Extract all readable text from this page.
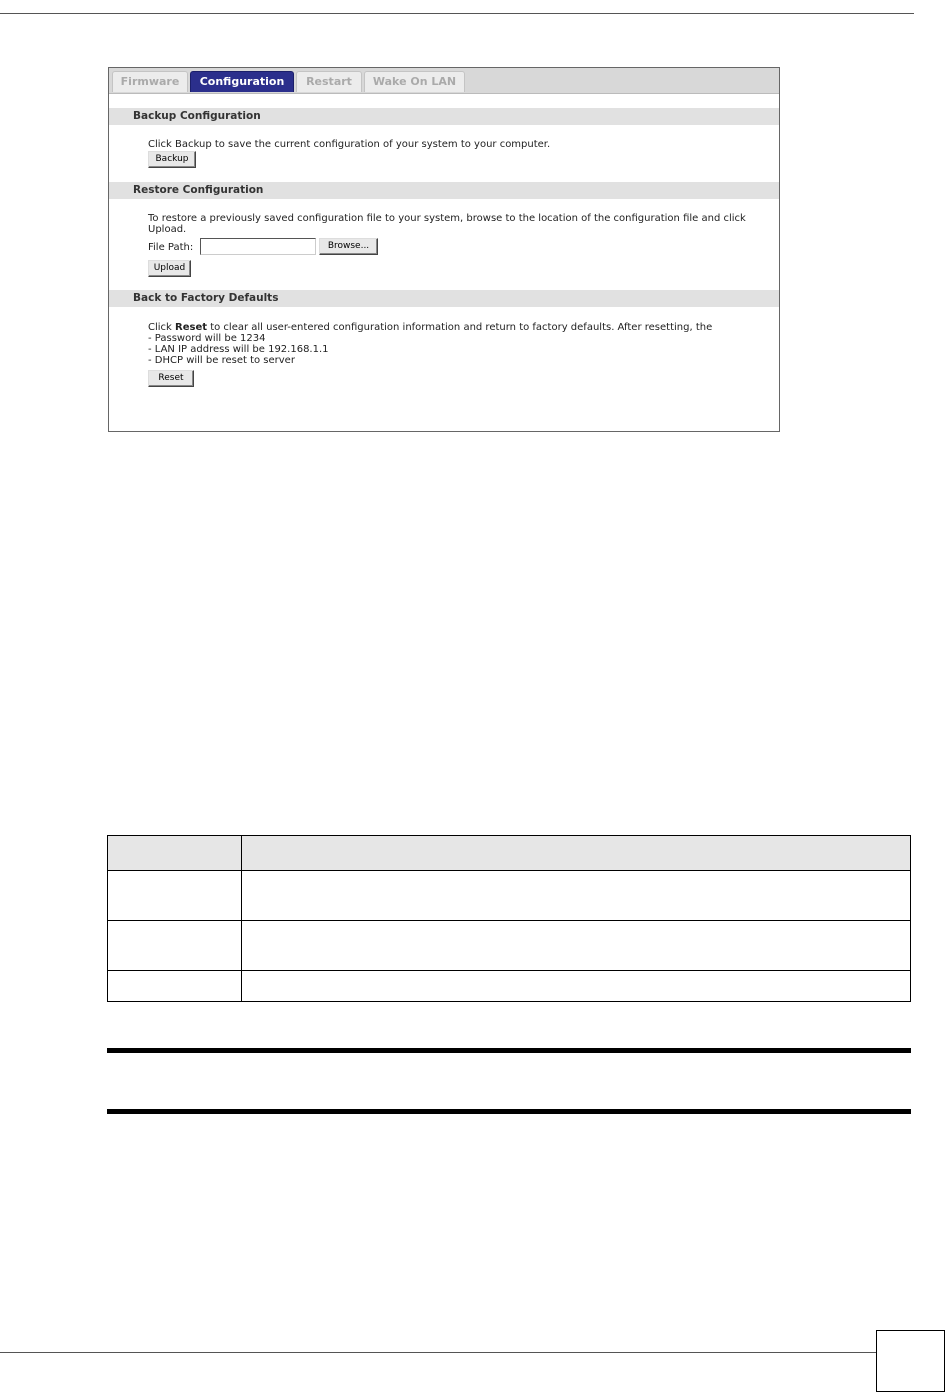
Firmware	Configuration	Restart	Wake On LAN
Backup Configuration
Click Backup to save the current configuration of your system to your computer.
Backup
Restore Configuration
To restore a previously saved configuration file to your system, browse to the location of the configuration file and click
Upload.
File Path:	Browse...
Upload
Back to Factory Defaults
Click Reset to clear all user-entered configuration information and return to factory defaults. After resetting, the
- Password will be 1234
- LAN IP address will be 192.168.1.1
- DHCP will be reset to server
Reset
